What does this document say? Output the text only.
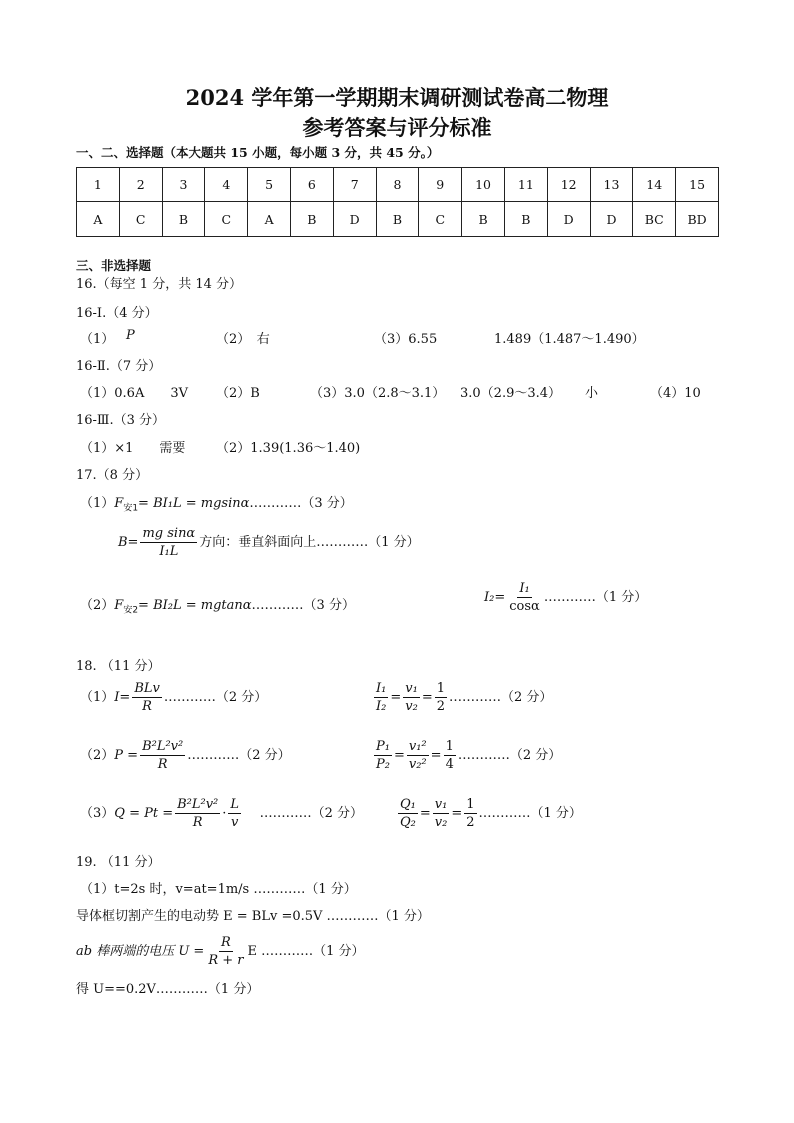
2024 学年第一学期期末调研测试卷高二物理
参考答案与评分标准
一、二、选择题（本大题共 15 小题，每小题 3 分，共 45 分。）
1	2	3	4	5	6	7	8	9	10	11	12	13	14	15
A	C	B	C	A	B	D	B	C	B	B	D	D	BC	BD
三、非选择题
16.（每空 1 分，共 14 分）
16-Ⅰ.（4 分）
（1） P	（2）　右	（3）6.55	1.489（1.487～1.490）
16-Ⅱ.（7 分）
（1）0.6A　　3V （2）B	（3）3.0（2.8～3.1） 3.0（2.9～3.4） 小	（4）10
16-Ⅲ.（3 分）
（1）×1　　需要 （2）1.39(1.36～1.40)
17.（8 分）
$(1)F_{安1}= BI_1L$ = mgsinα…………（3 分）
$B= \frac{\text{mg sinα}}{\text{I₁L}}$ 方向：垂直斜面向上…………（1 分）
$(2)F_{安2}= BI_2L$ = mgtanα…………（3 分）
$I_2= \frac{\text{I₁}}{\cos\alpha}$ …………（1 分）
18. （11 分）
$(1)I= \frac{\text{BLv}}{R}$ …………（2 分）	$\frac{\text{I₁}}{\text{I₂}} = \frac{\text{v₁}}{\text{v₂}} = \frac{1}{2}$ …………（2 分）
$(2)P = \frac{\text{B²L²v²}}{R}$ …………（2 分）	$\frac{\text{P₁}}{\text{P₂}} = \frac{\text{v₁²}}{\text{v₂²}} = \frac{1}{4}$ …………（2 分）
$(3)Q = Pt = \frac{\text{B²L²v²}}{R} \cdot \frac{L}{v}$ …………（2 分）	$\frac{\text{Q₁}}{\text{Q₂}} = \frac{\text{v₁}}{\text{v₂}} = \frac{1}{2}$ …………（1 分）
19. （11 分）
（1）t=2s 时，v=at=1m/s …………（1 分）
导体框切割产生的电动势 E = BLv =0.5V …………（1 分）
ab 棒两端的电压 $U = \frac{R}{R + r}$ E …………（1 分）
得 U==0.2V…………（1 分）
